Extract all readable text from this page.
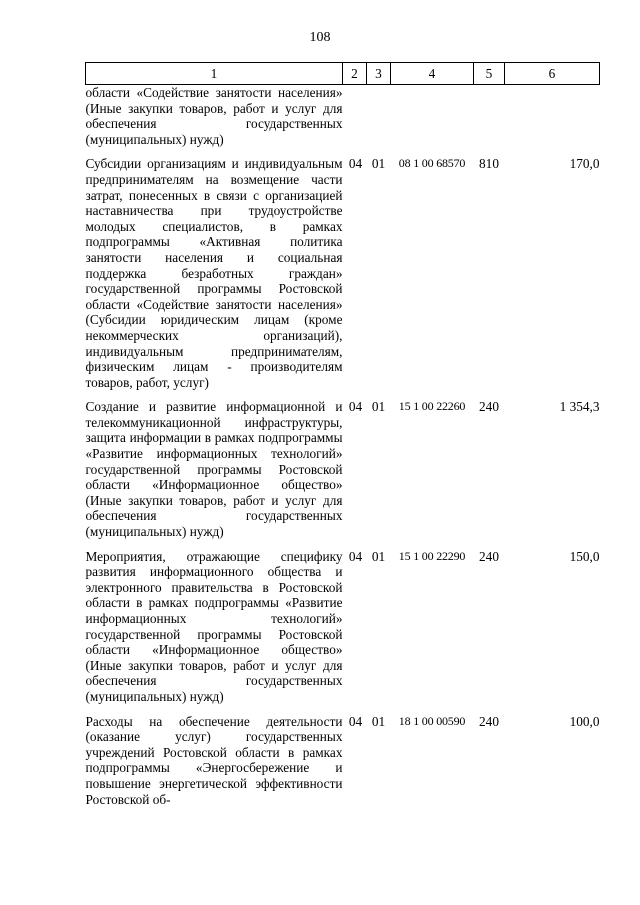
108
1	2	3	4	5	6
области «Содействие занятости населения» (Иные закупки товаров, работ и услуг для обеспечения государственных (муниципальных) нужд)					
Субсидии организациям и индивидуальным предпринимателям на возмещение части затрат, понесенных в связи с организацией наставничества при трудоустройстве молодых специалистов, в рамках подпрограммы «Активная политика занятости населения и социальная поддержка безработных граждан» государственной программы Ростовской области «Содействие занятости населения» (Субсидии юридическим лицам (кроме некоммерческих организаций), индивидуальным предпринимателям, физическим лицам - производителям товаров, работ, услуг)	04	01	08 1 00 68570	810	170,0
Создание и развитие информационной и телекоммуникационной инфраструктуры, защита информации в рамках подпрограммы «Развитие информационных технологий» государственной программы Ростовской области «Информационное общество» (Иные закупки товаров, работ и услуг для обеспечения государственных (муниципальных) нужд)	04	01	15 1 00 22260	240	1 354,3
Мероприятия, отражающие специфику развития информационного общества и электронного правительства в Ростовской области в рамках подпрограммы «Развитие информационных технологий» государственной программы Ростовской области «Информационное общество» (Иные закупки товаров, работ и услуг для обеспечения государственных (муниципальных) нужд)	04	01	15 1 00 22290	240	150,0
Расходы на обеспечение деятельности (оказание услуг) государственных учреждений Ростовской области в рамках подпрограммы «Энергосбережение и повышение энергетической эффективности Ростовской об-	04	01	18 1 00 00590	240	100,0
